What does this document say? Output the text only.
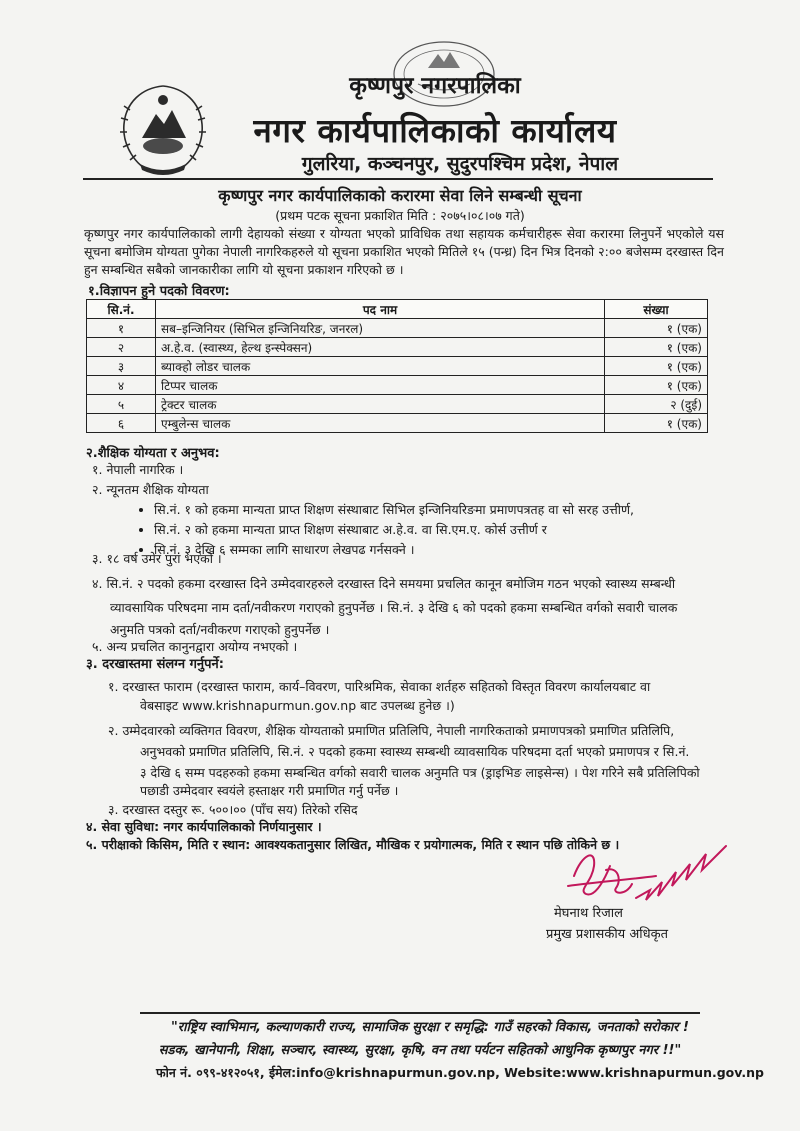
कृष्णपुर नगरपालिका
नगर कार्यपालिकाको कार्यालय
गुलरिया, कञ्चनपुर, सुदुरपश्चिम प्रदेश, नेपाल
कृष्णपुर नगर कार्यपालिकाको करारमा सेवा लिने सम्बन्धी सूचना
(प्रथम पटक सूचना प्रकाशित मिति : २०७५।०८।०७ गते)
कृष्णपुर नगर कार्यपालिकाको लागी देहायको संख्या र योग्यता भएको प्राविधिक तथा सहायक कर्मचारीहरू सेवा करारमा लिनुपर्ने भएकोले यस सूचना बमोजिम योग्यता पुगेका नेपाली नागरिकहरुले यो सूचना प्रकाशित भएको मितिले १५ (पन्ध्र) दिन भित्र दिनको २:०० बजेसम्म दरखास्त दिन हुन सम्बन्धित सबैको जानकारीका लागि यो सूचना प्रकाशन गरिएको छ ।
१.विज्ञापन हुने पदको विवरण:
सि.नं.	पद नाम	संख्या
१	सब–इन्जिनियर (सिभिल इन्जिनियरिङ, जनरल)	१ (एक)
२	अ.हे.व. (स्वास्थ्य, हेल्थ इन्स्पेक्सन)	१ (एक)
३	ब्याक्हो लोडर चालक	१ (एक)
४	टिप्पर चालक	१ (एक)
५	ट्रेक्टर चालक	२ (दुई)
६	एम्बुलेन्स चालक	१ (एक)
२.शैक्षिक योग्यता र अनुभव:
१. नेपाली नागरिक ।
२. न्यूनतम शैक्षिक योग्यता
• सि.नं. १ को हकमा मान्यता प्राप्त शिक्षण संस्थाबाट सिभिल इन्जिनियरिङमा प्रमाणपत्रतह वा सो सरह उत्तीर्ण,
• सि.नं. २ को हकमा मान्यता प्राप्त शिक्षण संस्थाबाट अ.हे.व. वा सि.एम.ए. कोर्स उत्तीर्ण र
• सि.नं. ३ देखि ६ सम्मका लागि साधारण लेखपढ गर्नसक्ने ।
३. १८ वर्ष उमेर पुरा भएको ।
४. सि.नं. २ पदको हकमा दरखास्त दिने उम्मेदवारहरुले दरखास्त दिने समयमा प्रचलित कानून बमोजिम गठन भएको स्वास्थ्य सम्बन्धी
व्यावसायिक परिषदमा नाम दर्ता/नवीकरण गराएको हुनुपर्नेछ । सि.नं. ३ देखि ६ को पदको हकमा सम्बन्धित वर्गको सवारी चालक
अनुमति पत्रको दर्ता/नवीकरण गराएको हुनुपर्नेछ ।
५. अन्य प्रचलित कानुनद्वारा अयोग्य नभएको ।
३. दरखास्तमा संलग्न गर्नुपर्ने:
१. दरखास्त फाराम (दरखास्त फाराम, कार्य–विवरण, पारिश्रमिक, सेवाका शर्तहरु सहितको विस्तृत विवरण कार्यालयबाट वा
वेबसाइट www.krishnapurmun.gov.np बाट उपलब्ध हुनेछ ।)
२. उम्मेदवारको व्यक्तिगत विवरण, शैक्षिक योग्यताको प्रमाणित प्रतिलिपि, नेपाली नागरिकताको प्रमाणपत्रको प्रमाणित प्रतिलिपि,
अनुभवको प्रमाणित प्रतिलिपि, सि.नं. २ पदको हकमा स्वास्थ्य सम्बन्धी व्यावसायिक परिषदमा दर्ता भएको प्रमाणपत्र र सि.नं.
३ देखि ६ सम्म पदहरुको हकमा सम्बन्धित वर्गको सवारी चालक अनुमति पत्र (ड्राइभिङ लाइसेन्स) । पेश गरिने सबै प्रतिलिपिको
पछाडी उम्मेदवार स्वयंले हस्ताक्षर गरी प्रमाणित गर्नु पर्नेछ ।
३. दरखास्त दस्तुर रू. ५००।०० (पाँच सय) तिरेको रसिद
४. सेवा सुविधा: नगर कार्यपालिकाको निर्णयानुसार ।
५. परीक्षाको किसिम, मिति र स्थान: आवश्यकतानुसार लिखित, मौखिक र प्रयोगात्मक, मिति र स्थान पछि तोकिने छ ।
मेघनाथ रिजाल
प्रमुख प्रशासकीय अधिकृत
"राष्ट्रिय स्वाभिमान, कल्याणकारी राज्य, सामाजिक सुरक्षा र समृद्धि: गाउँ सहरको विकास, जनताको सरोकार !
सडक, खानेपानी, शिक्षा, सञ्चार, स्वास्थ्य, सुरक्षा, कृषि, वन तथा पर्यटन सहितको आधुनिक कृष्णपुर नगर !!"
फोन नं. ०९९-४१२०५१, ईमेल:info@krishnapurmun.gov.np, Website:www.krishnapurmun.gov.np
